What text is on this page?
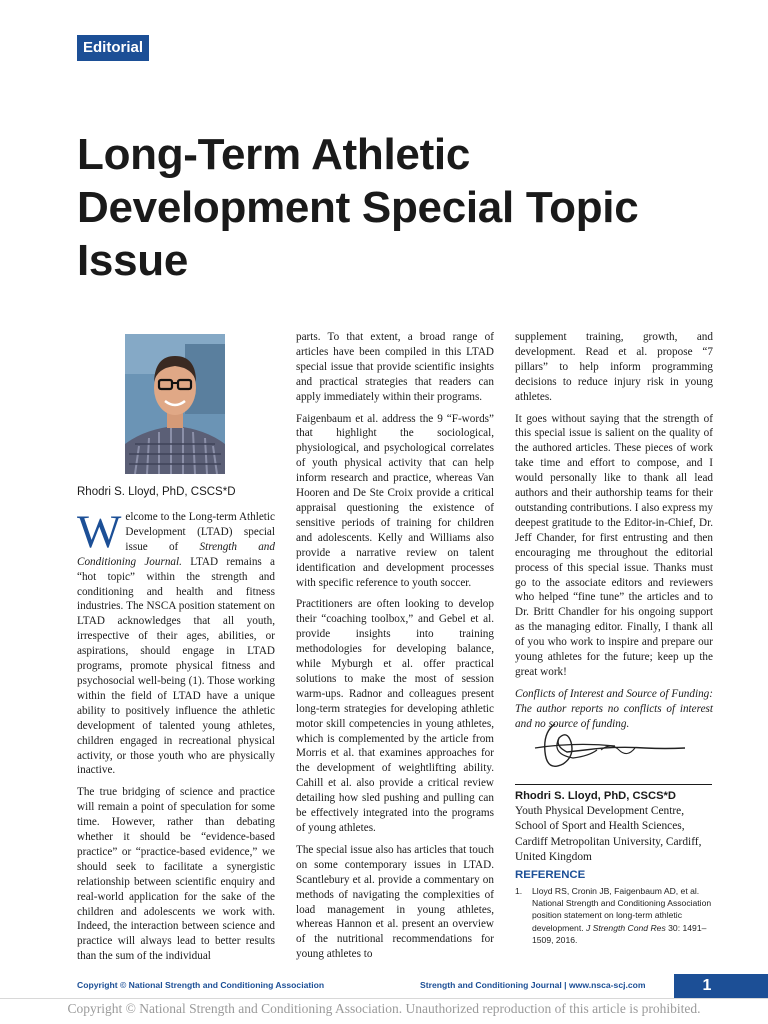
Editorial
Long-Term Athletic Development Special Topic Issue
Rhodri S. Lloyd, PhD, CSCS*D

Welcome to the Long-term Athletic Development (LTAD) special issue of Strength and Conditioning Journal. LTAD remains a “hot topic” within the strength and conditioning and health and fitness industries. The NSCA position statement on LTAD acknowledges that all youth, irrespective of their ages, abilities, or aspirations, should engage in LTAD programs, promote physical fitness and psychosocial well-being (1). Those working within the field of LTAD have a unique ability to positively influence the athletic development of talented young athletes, children engaged in recreational physical activity, or those youth who are physically inactive.

The true bridging of science and practice will remain a point of speculation for some time. However, rather than debating whether it should be “evidence-based practice” or “practice-based evidence,” we should seek to facilitate a synergistic relationship between scientific enquiry and real-world application for the sake of the children and adolescents we work with. Indeed, the interaction between science and practice will always lead to better results than the sum of the individual

parts. To that extent, a broad range of articles have been compiled in this LTAD special issue that provide scientific insights and practical strategies that readers can apply immediately within their programs.

Faigenbaum et al. address the 9 “F-words” that highlight the sociological, physiological, and psychological correlates of youth physical activity that can help inform research and practice, whereas Van Hooren and De Ste Croix provide a critical appraisal questioning the existence of sensitive periods of training for children and adolescents. Kelly and Williams also provide a narrative review on talent identification and development processes with specific reference to youth soccer.

Practitioners are often looking to develop their “coaching toolbox,” and Gebel et al. provide insights into training methodologies for developing balance, while Myburgh et al. offer practical solutions to make the most of session warm-ups. Radnor and colleagues present long-term strategies for developing athletic motor skill competencies in young athletes, which is complemented by the article from Morris et al. that examines approaches for the development of weightlifting ability. Cahill et al. also provide a critical review detailing how sled pushing and pulling can be effectively integrated into the programs of young athletes.

The special issue also has articles that touch on some contemporary issues in LTAD. Scantlebury et al. provide a commentary on methods of navigating the complexities of load management in young athletes, whereas Hannon et al. present an overview of the nutritional recommendations for young athletes to

supplement training, growth, and development. Read et al. propose “7 pillars” to help inform programming decisions to reduce injury risk in young athletes.

It goes without saying that the strength of this special issue is salient on the quality of the authored articles. These pieces of work take time and effort to compose, and I would personally like to thank all lead authors and their authorship teams for their outstanding contributions. I also express my deepest gratitude to the Editor-in-Chief, Dr. Jeff Chander, for first entrusting and then encouraging me throughout the editorial process of this special issue. Thanks must go to the associate editors and reviewers who helped “fine tune” the articles and to Dr. Britt Chandler for his ongoing support as the managing editor. Finally, I thank all of you who work to inspire and prepare our young athletes for the future; keep up the great work!

Conflicts of Interest and Source of Funding: The author reports no conflicts of interest and no source of funding.

Rhodri S. Lloyd, PhD, CSCS*D
Youth Physical Development Centre,
School of Sport and Health Sciences,
Cardiff Metropolitan University, Cardiff,
United Kingdom
REFERENCE
1. Lloyd RS, Cronin JB, Faigenbaum AD, et al. National Strength and Conditioning Association position statement on long-term athletic development. J Strength Cond Res 30: 1491–1509, 2016.
Copyright © National Strength and Conditioning Association	Strength and Conditioning Journal | www.nsca-scj.com	1
Copyright © National Strength and Conditioning Association. Unauthorized reproduction of this article is prohibited.
